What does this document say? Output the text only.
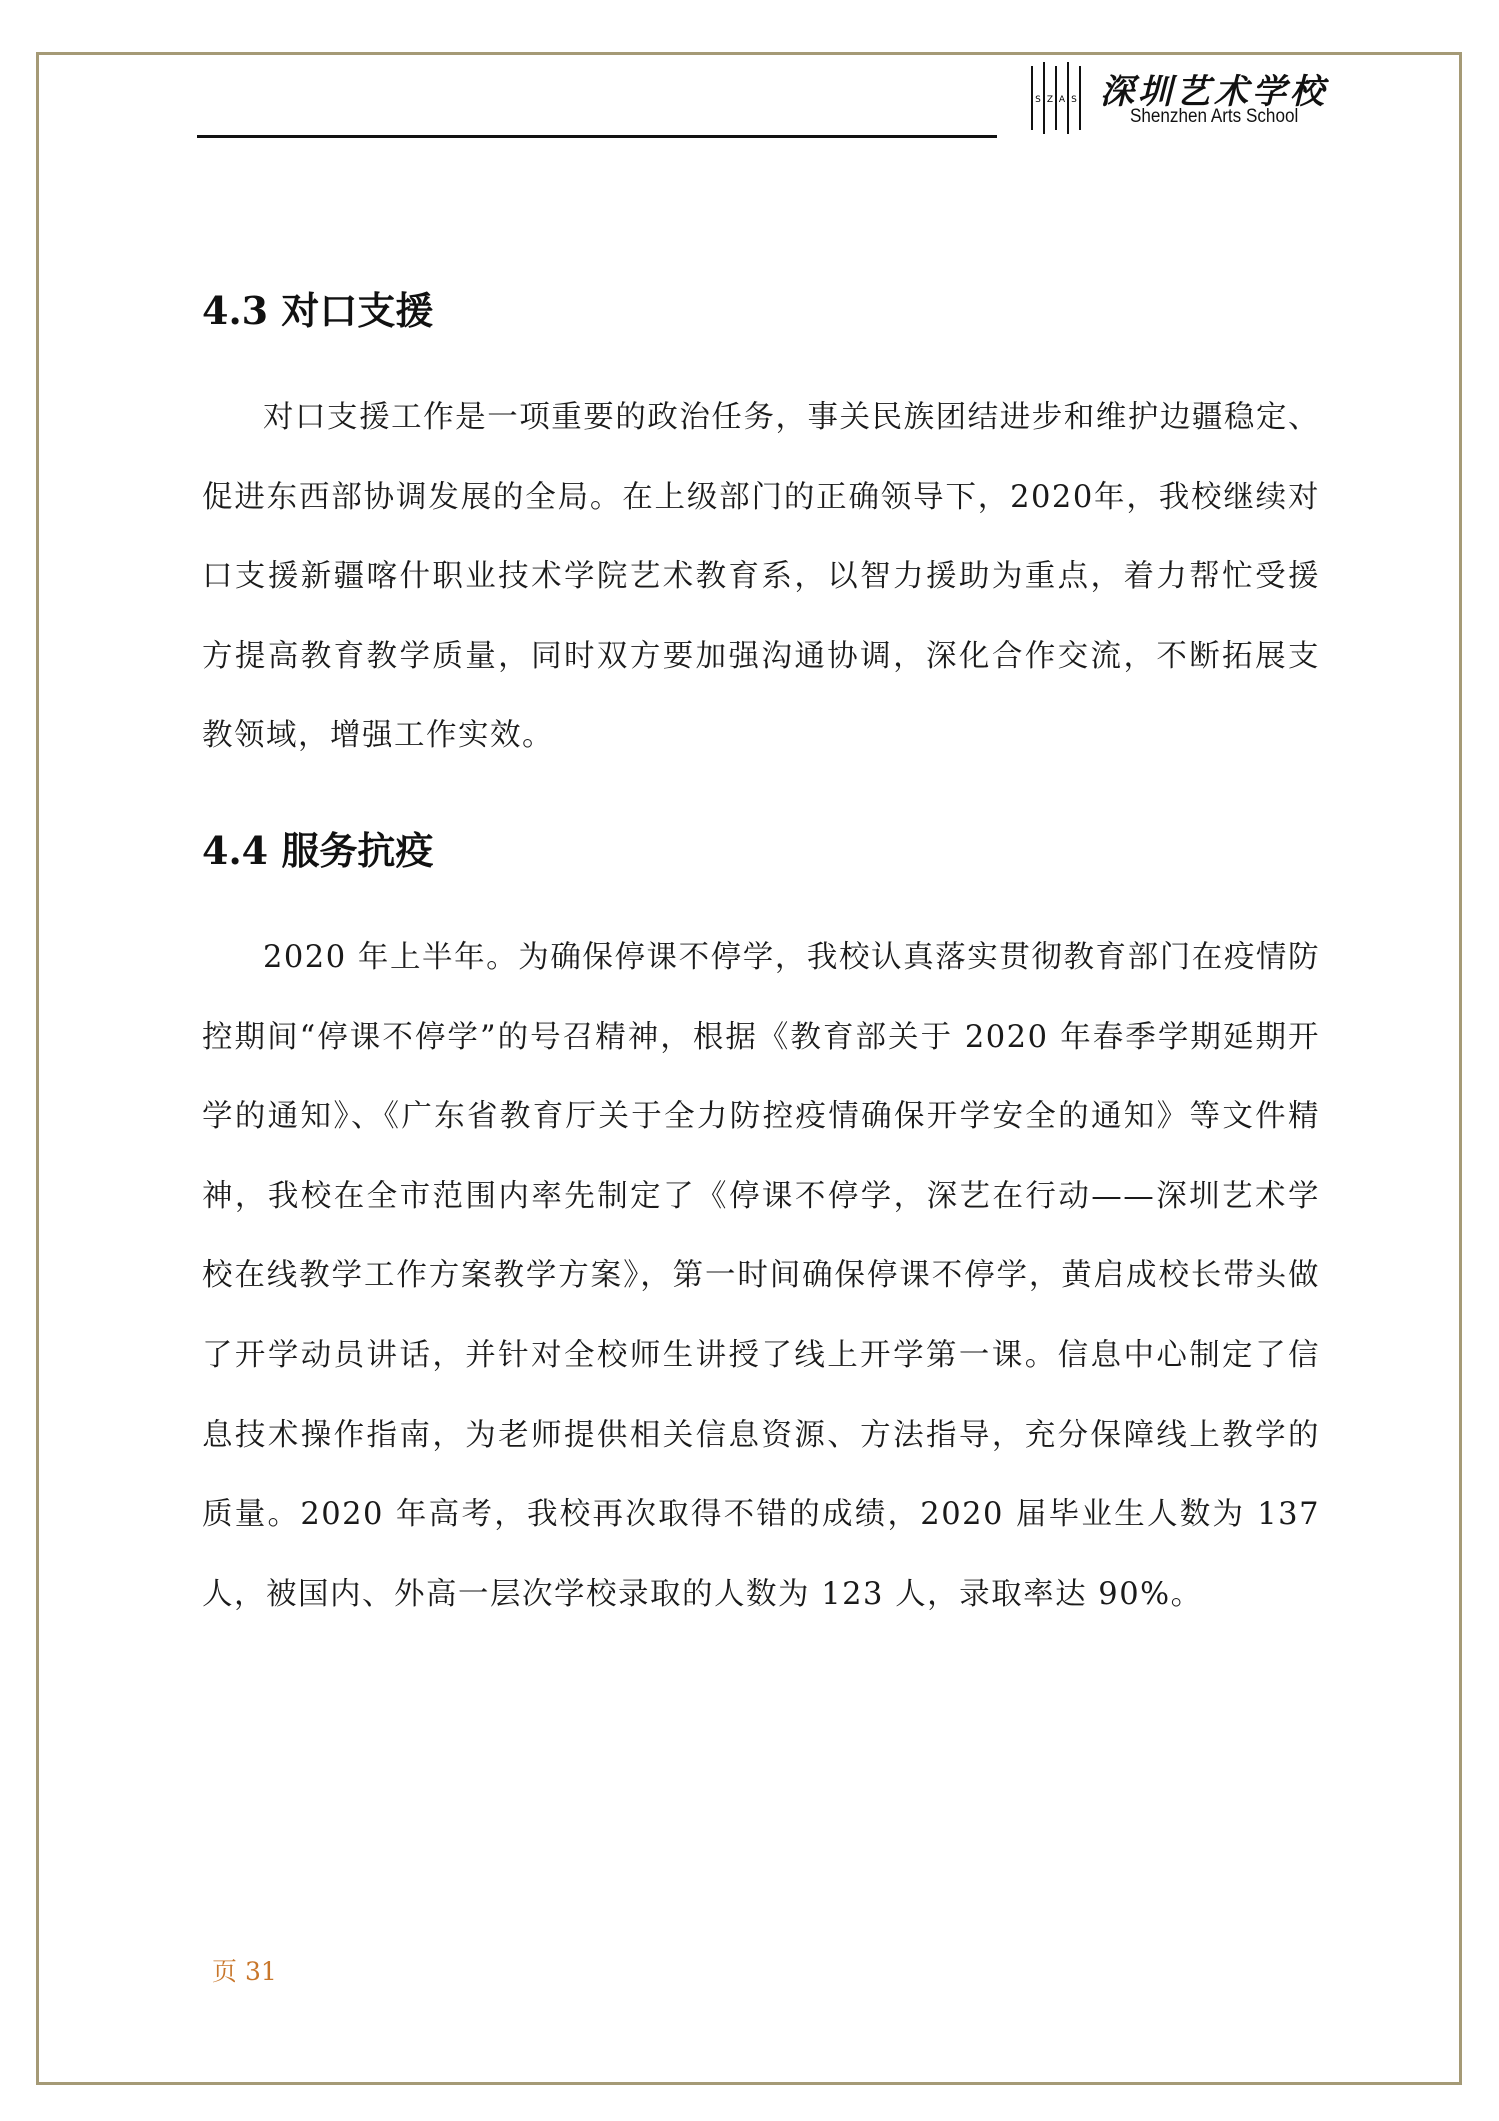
S Z A S 深圳艺术学校
Shenzhen Arts School
4.3 对口支援

对口支援工作是一项重要的政治任务，事关民族团结进步和维护边疆稳定、促进东西部协调发展的全局。在上级部门的正确领导下，2020年，我校继续对口支援新疆喀什职业技术学院艺术教育系，以智力援助为重点，着力帮忙受援方提高教育教学质量，同时双方要加强沟通协调，深化合作交流，不断拓展支教领域，增强工作实效。

4.4 服务抗疫

2020 年上半年。为确保停课不停学，我校认真落实贯彻教育部门在疫情防控期间“停课不停学”的号召精神，根据《教育部关于 2020 年春季学期延期开学的通知》、《广东省教育厅关于全力防控疫情确保开学安全的通知》等文件精神，我校在全市范围内率先制定了《停课不停学，深艺在行动——深圳艺术学校在线教学工作方案教学方案》，第一时间确保停课不停学，黄启成校长带头做了开学动员讲话，并针对全校师生讲授了线上开学第一课。信息中心制定了信息技术操作指南，为老师提供相关信息资源、方法指导，充分保障线上教学的质量。2020 年高考，我校再次取得不错的成绩，2020 届毕业生人数为 137 人，被国内、外高一层次学校录取的人数为 123 人，录取率达 90%。

页 31
